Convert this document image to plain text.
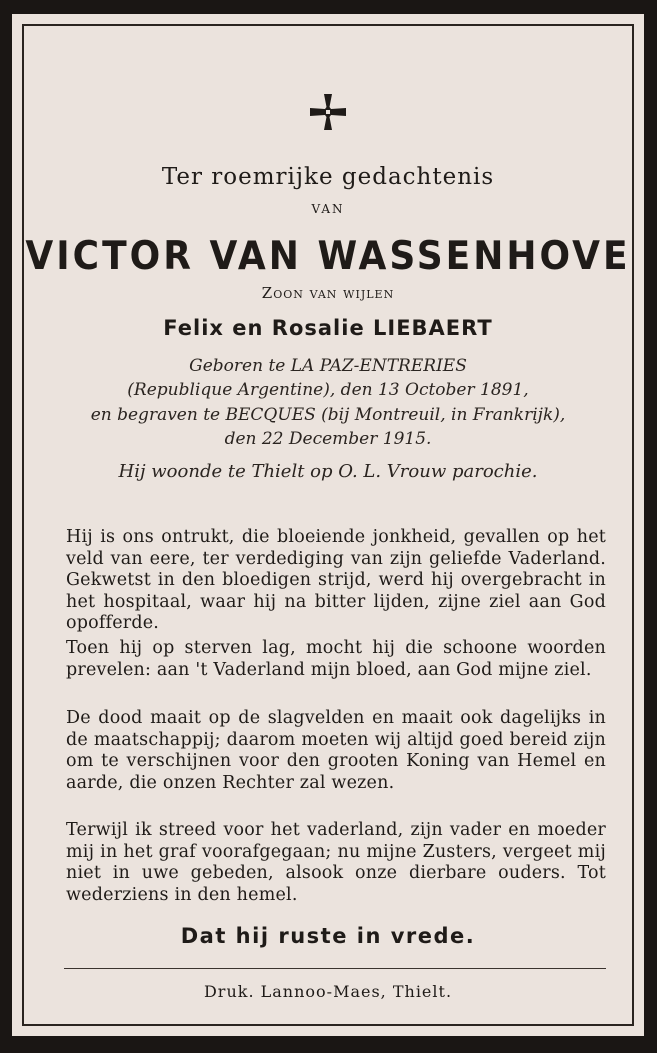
Ter roemrijke gedachtenis
VAN
VICTOR VAN WASSENHOVE
Zoon van wijlen
Felix en Rosalie LIEBAERT
Geboren te LA PAZ-ENTRERIES
(Republique Argentine), den 13 October 1891,
en begraven te BECQUES (bij Montreuil, in Frankrijk),
den 22 December 1915.
Hij woonde te Thielt op O. L. Vrouw parochie.
Hij is ons ontrukt, die bloeiende jonkheid, gevallen op het veld van eere, ter verdediging van zijn geliefde Vaderland. Gekwetst in den bloedigen strijd, werd hij overgebracht in het hospitaal, waar hij na bitter lijden, zijne ziel aan God opofferde.
Toen hij op sterven lag, mocht hij die schoone woorden prevelen: aan 't Vaderland mijn bloed, aan God mijne ziel.
De dood maait op de slagvelden en maait ook dagelijks in de maatschappij; daarom moeten wij altijd goed bereid zijn om te verschijnen voor den grooten Koning van Hemel en aarde, die onzen Rechter zal wezen.
Terwijl ik streed voor het vaderland, zijn vader en moeder mij in het graf voorafgegaan; nu mijne Zusters, vergeet mij niet in uwe gebeden, alsook onze dierbare ouders. Tot wederziens in den hemel.
Dat hij ruste in vrede.
Druk. Lannoo-Maes, Thielt.
